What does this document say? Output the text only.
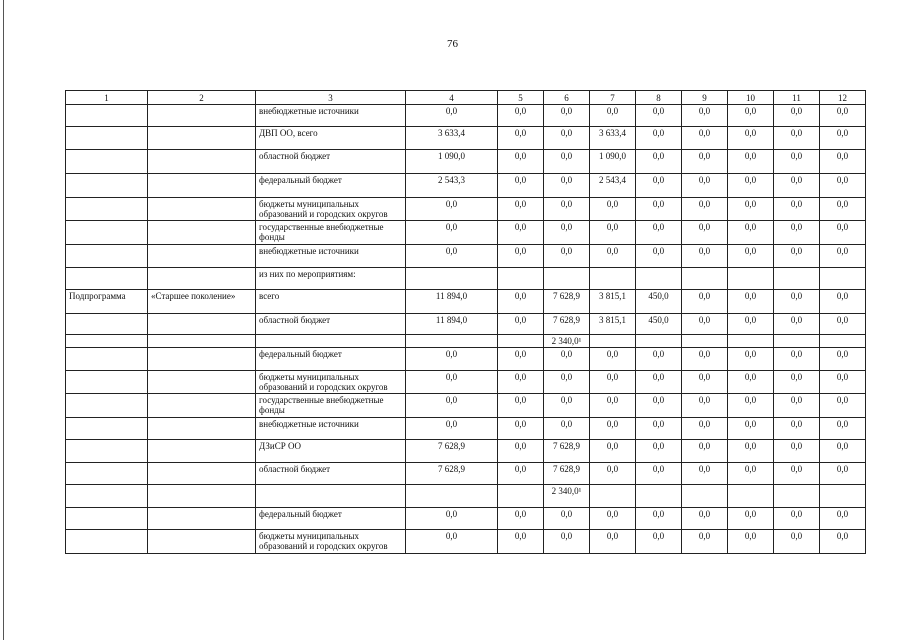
76
1	2	3	4	5	6	7	8	9	10	11	12
		внебюджетные источники	0,0	0,0	0,0	0,0	0,0	0,0	0,0	0,0	0,0
		ДВП ОО, всего	3 633,4	0,0	0,0	3 633,4	0,0	0,0	0,0	0,0	0,0
		областной бюджет	1 090,0	0,0	0,0	1 090,0	0,0	0,0	0,0	0,0	0,0
		федеральный бюджет	2 543,3	0,0	0,0	2 543,4	0,0	0,0	0,0	0,0	0,0
		бюджеты муниципальных образований и городских округов	0,0	0,0	0,0	0,0	0,0	0,0	0,0	0,0	0,0
		государственные внебюджетные фонды	0,0	0,0	0,0	0,0	0,0	0,0	0,0	0,0	0,0
		внебюджетные источники	0,0	0,0	0,0	0,0	0,0	0,0	0,0	0,0	0,0
		из них по мероприятиям:									
Подпрограмма	«Старшее поколение»	всего	11 894,0	0,0	7 628,9	3 815,1	450,0	0,0	0,0	0,0	0,0
		областной бюджет	11 894,0	0,0	7 628,9	3 815,1	450,0	0,0	0,0	0,0	0,0
					2 340,0¹						
		федеральный бюджет	0,0	0,0	0,0	0,0	0,0	0,0	0,0	0,0	0,0
		бюджеты муниципальных образований и городских округов	0,0	0,0	0,0	0,0	0,0	0,0	0,0	0,0	0,0
		государственные внебюджетные фонды	0,0	0,0	0,0	0,0	0,0	0,0	0,0	0,0	0,0
		внебюджетные источники	0,0	0,0	0,0	0,0	0,0	0,0	0,0	0,0	0,0
		ДЗиСР ОО	7 628,9	0,0	7 628,9	0,0	0,0	0,0	0,0	0,0	0,0
		областной бюджет	7 628,9	0,0	7 628,9	0,0	0,0	0,0	0,0	0,0	0,0
					2 340,0¹						
		федеральный бюджет	0,0	0,0	0,0	0,0	0,0	0,0	0,0	0,0	0,0
		бюджеты муниципальных образований и городских округов	0,0	0,0	0,0	0,0	0,0	0,0	0,0	0,0	0,0
